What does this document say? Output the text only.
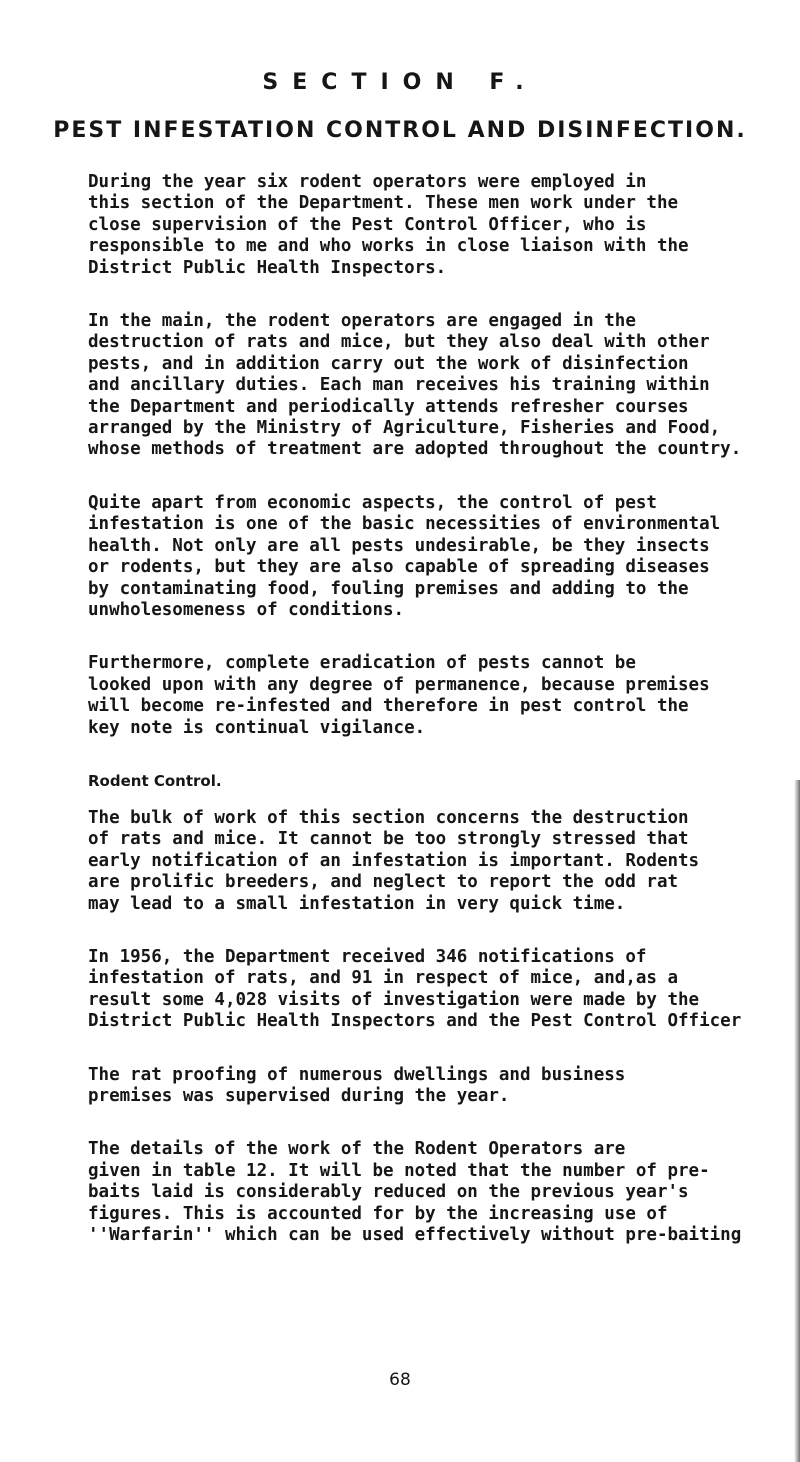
SECTION F.
PEST INFESTATION CONTROL AND DISINFECTION.

During the year six rodent operators were employed in
this section of the Department. These men work under the
close supervision of the Pest Control Officer, who is
responsible to me and who works in close liaison with the
District Public Health Inspectors.

In the main, the rodent operators are engaged in the
destruction of rats and mice, but they also deal with other
pests, and in addition carry out the work of disinfection
and ancillary duties. Each man receives his training within
the Department and periodically attends refresher courses
arranged by the Ministry of Agriculture, Fisheries and Food,
whose methods of treatment are adopted throughout the country.

Quite apart from economic aspects, the control of pest
infestation is one of the basic necessities of environmental
health. Not only are all pests undesirable, be they insects
or rodents, but they are also capable of spreading diseases
by contaminating food, fouling premises and adding to the
unwholesomeness of conditions.

Furthermore, complete eradication of pests cannot be
looked upon with any degree of permanence, because premises
will become re-infested and therefore in pest control the
key note is continual vigilance.

Rodent Control.

The bulk of work of this section concerns the destruction
of rats and mice. It cannot be too strongly stressed that
early notification of an infestation is important. Rodents
are prolific breeders, and neglect to report the odd rat
may lead to a small infestation in very quick time.

In 1956, the Department received 346 notifications of
infestation of rats, and 91 in respect of mice, and,as a
result some 4,028 visits of investigation were made by the
District Public Health Inspectors and the Pest Control Officer

The rat proofing of numerous dwellings and business
premises was supervised during the year.

The details of the work of the Rodent Operators are
given in table 12. It will be noted that the number of pre-
baits laid is considerably reduced on the previous year's
figures. This is accounted for by the increasing use of
''Warfarin'' which can be used effectively without pre-baiting

68
